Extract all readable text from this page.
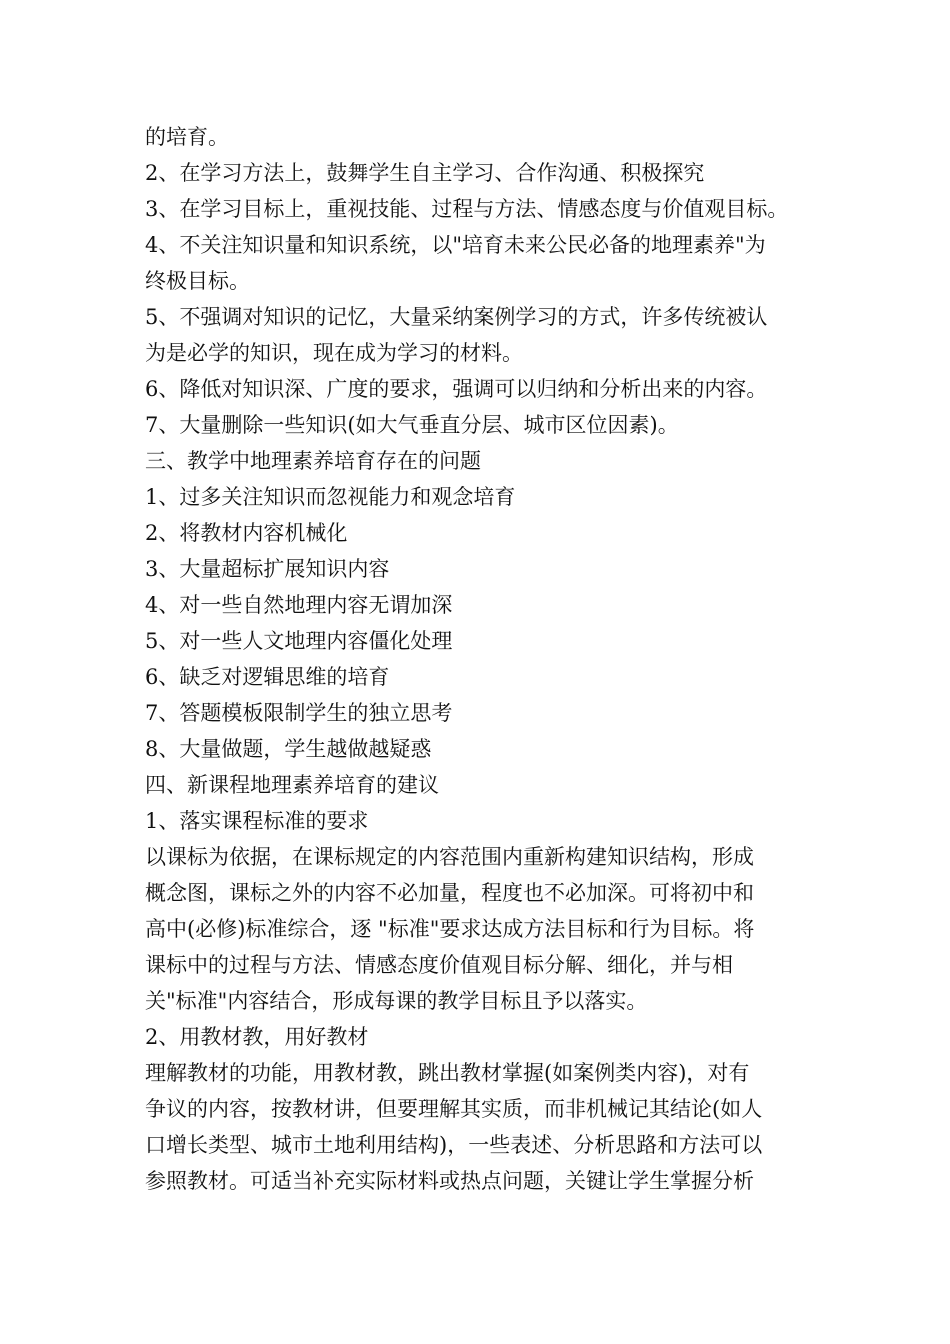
的培育。
2、在学习方法上，鼓舞学生自主学习、合作沟通、积极探究
3、在学习目标上，重视技能、过程与方法、情感态度与价值观目标。
4、不关注知识量和知识系统，以"培育未来公民必备的地理素养"为
终极目标。
5、不强调对知识的记忆，大量采纳案例学习的方式，许多传统被认
为是必学的知识，现在成为学习的材料。
6、降低对知识深、广度的要求，强调可以归纳和分析出来的内容。
7、大量删除一些知识(如大气垂直分层、城市区位因素)。
三、教学中地理素养培育存在的问题
1、过多关注知识而忽视能力和观念培育
2、将教材内容机械化
3、大量超标扩展知识内容
4、对一些自然地理内容无谓加深
5、对一些人文地理内容僵化处理
6、缺乏对逻辑思维的培育
7、答题模板限制学生的独立思考
8、大量做题，学生越做越疑惑
四、新课程地理素养培育的建议
1、落实课程标准的要求
以课标为依据，在课标规定的内容范围内重新构建知识结构，形成
概念图，课标之外的内容不必加量，程度也不必加深。可将初中和
高中(必修)标准综合，逐 "标准"要求达成方法目标和行为目标。将
课标中的过程与方法、情感态度价值观目标分解、细化，并与相
关"标准"内容结合，形成每课的教学目标且予以落实。
2、用教材教，用好教材
理解教材的功能，用教材教，跳出教材掌握(如案例类内容)，对有
争议的内容，按教材讲，但要理解其实质，而非机械记其结论(如人
口增长类型、城市土地利用结构)，一些表述、分析思路和方法可以
参照教材。可适当补充实际材料或热点问题，关键让学生掌握分析
